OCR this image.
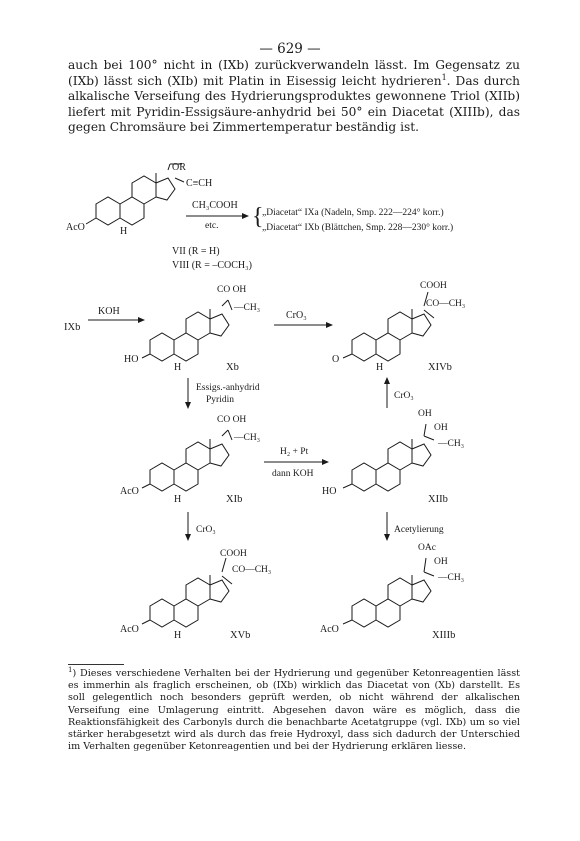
— 629 —

auch bei 100° nicht in (IXb) zurückverwandeln lässt. Im Gegensatz zu (IXb) lässt sich (XIb) mit Platin in Eisessig leicht hydrieren$^1$. Das durch alkalische Verseifung des Hydrierungsproduktes gewonnene Triol (XIIb) liefert mit Pyridin-Essigsäure-anhydrid bei 50° ein Diacetat (XIIIb), das gegen Chromsäure bei Zimmertemperatur beständig ist.

OR
C≡CH
AcO	H
CH₃COOH
etc. {
„Diacetat“ IXa (Nadeln, Smp. 222—224° korr.)
„Diacetat“ IXb (Blättchen, Smp. 228—230° korr.)
VII (R = H)
VIII (R = –COCH₃)
KOH
IXb
CO OH
—CH₃
HO
H	Xb
CrO₃
COOH
CO—CH₃
O
H	XIVb
Essigs.-anhydrid
Pyridin	CrO₃
CO OH
—CH₃
AcO
H	XIb
H₂ + Pt
dann KOH
OH
OH
—CH₃
HO
XIIb
CrO₃	Acetylierung
COOH
CO—CH₃
AcO
H	XVb
OAc
OH
—CH₃
AcO
XIIIb

$^1$) Dieses verschiedene Verhalten bei der Hydrierung und gegenüber Ketonreagentien lässt es immerhin als fraglich erscheinen, ob (IXb) wirklich das Diacetat von (Xb) darstellt. Es soll gelegentlich noch besonders geprüft werden, ob nicht während der alkalischen Verseifung eine Umlagerung eintritt. Abgesehen davon wäre es möglich, dass die Reaktionsfähigkeit des Carbonyls durch die benachbarte Acetatgruppe (vgl. IXb) um so viel stärker herabgesetzt wird als durch das freie Hydroxyl, dass sich dadurch der Unterschied im Verhalten gegenüber Ketonreagentien und bei der Hydrierung erklären liesse.
